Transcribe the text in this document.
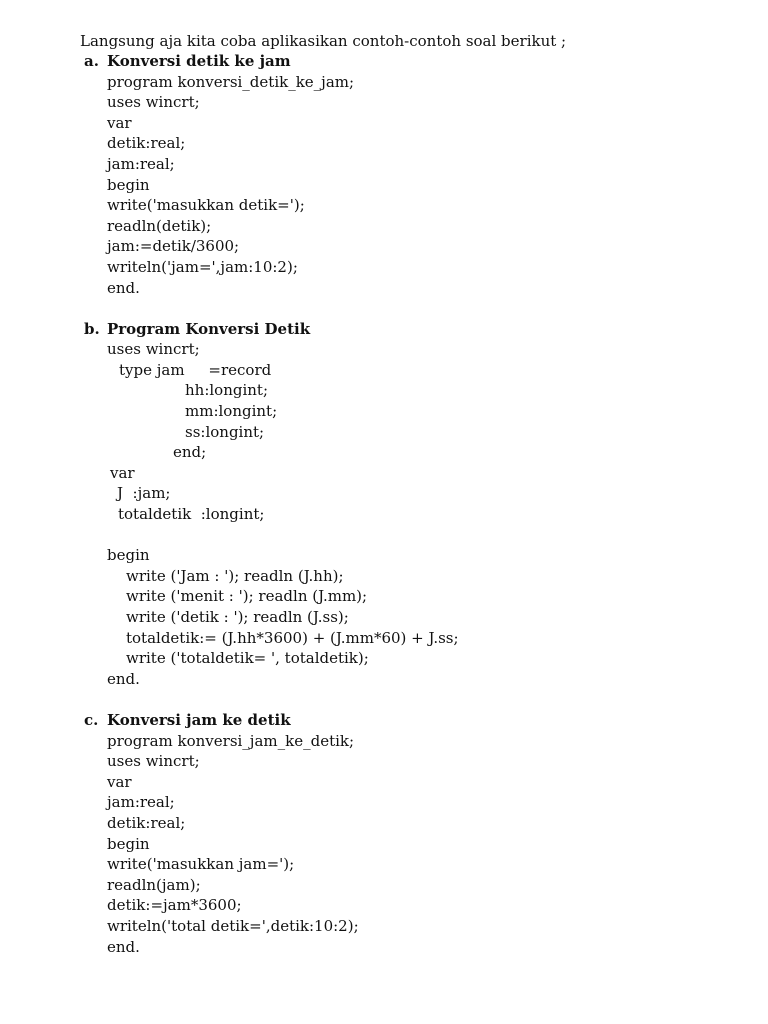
Langsung aja kita coba aplikasikan contoh-contoh soal berikut ;
a. Konversi detik ke jam
program konversi_detik_ke_jam;
uses wincrt;
var
detik:real;
jam:real;
begin
write('masukkan detik=');
readln(detik);
jam:=detik/3600;
writeln('jam=',jam:10:2);
end.
b. Program Konversi Detik
uses wincrt;
type jam     =record
hh:longint;
mm:longint;
ss:longint;
end;
var
J  :jam;
totaldetik  :longint;
begin
write ('Jam : '); readln (J.hh);
write ('menit : '); readln (J.mm);
write ('detik : '); readln (J.ss);
totaldetik:= (J.hh*3600) + (J.mm*60) + J.ss;
write ('totaldetik= ', totaldetik);
end.
c. Konversi jam ke detik
program konversi_jam_ke_detik;
uses wincrt;
var
jam:real;
detik:real;
begin
write('masukkan jam=');
readln(jam);
detik:=jam*3600;
writeln('total detik=',detik:10:2);
end.
